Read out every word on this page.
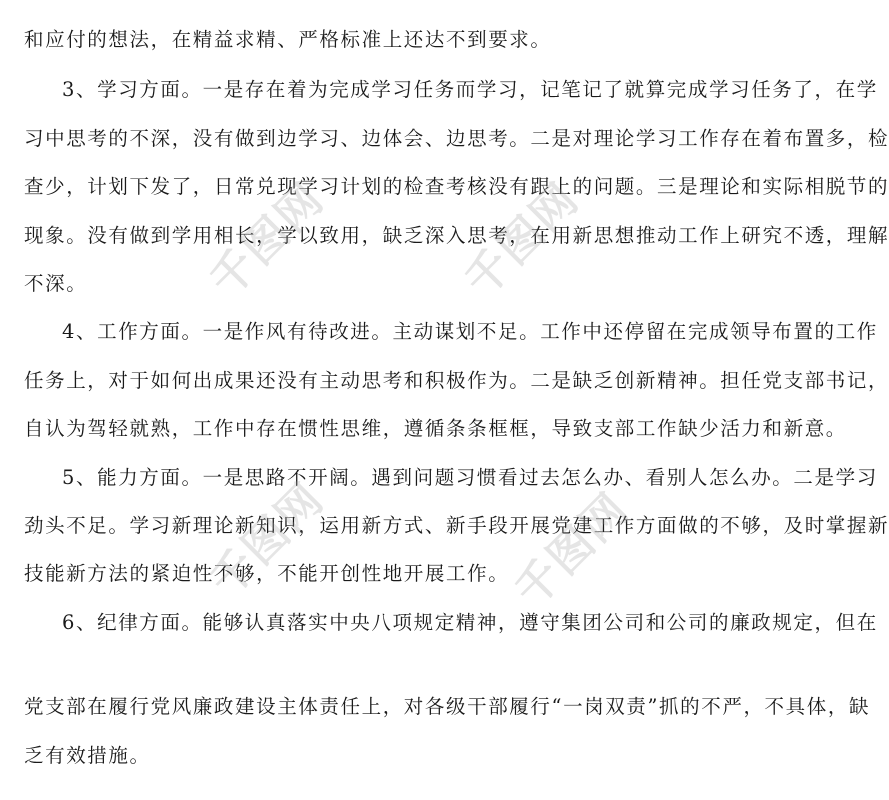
和应付的想法，在精益求精、严格标准上还达不到要求。
3、学习方面。一是存在着为完成学习任务而学习，记笔记了就算完成学习任务了，在学
习中思考的不深，没有做到边学习、边体会、边思考。二是对理论学习工作存在着布置多，检
查少，计划下发了，日常兑现学习计划的检查考核没有跟上的问题。三是理论和实际相脱节的
现象。没有做到学用相长，学以致用，缺乏深入思考，在用新思想推动工作上研究不透，理解
不深。
4、工作方面。一是作风有待改进。主动谋划不足。工作中还停留在完成领导布置的工作
任务上，对于如何出成果还没有主动思考和积极作为。二是缺乏创新精神。担任党支部书记，
自认为驾轻就熟，工作中存在惯性思维，遵循条条框框，导致支部工作缺少活力和新意。
5、能力方面。一是思路不开阔。遇到问题习惯看过去怎么办、看别人怎么办。二是学习
劲头不足。学习新理论新知识，运用新方式、新手段开展党建工作方面做的不够，及时掌握新
技能新方法的紧迫性不够，不能开创性地开展工作。
6、纪律方面。能够认真落实中央八项规定精神，遵守集团公司和公司的廉政规定，但在
党支部在履行党风廉政建设主体责任上，对各级干部履行“一岗双责”抓的不严，不具体，缺
乏有效措施。
千图网	千图网
千图网	千图网
